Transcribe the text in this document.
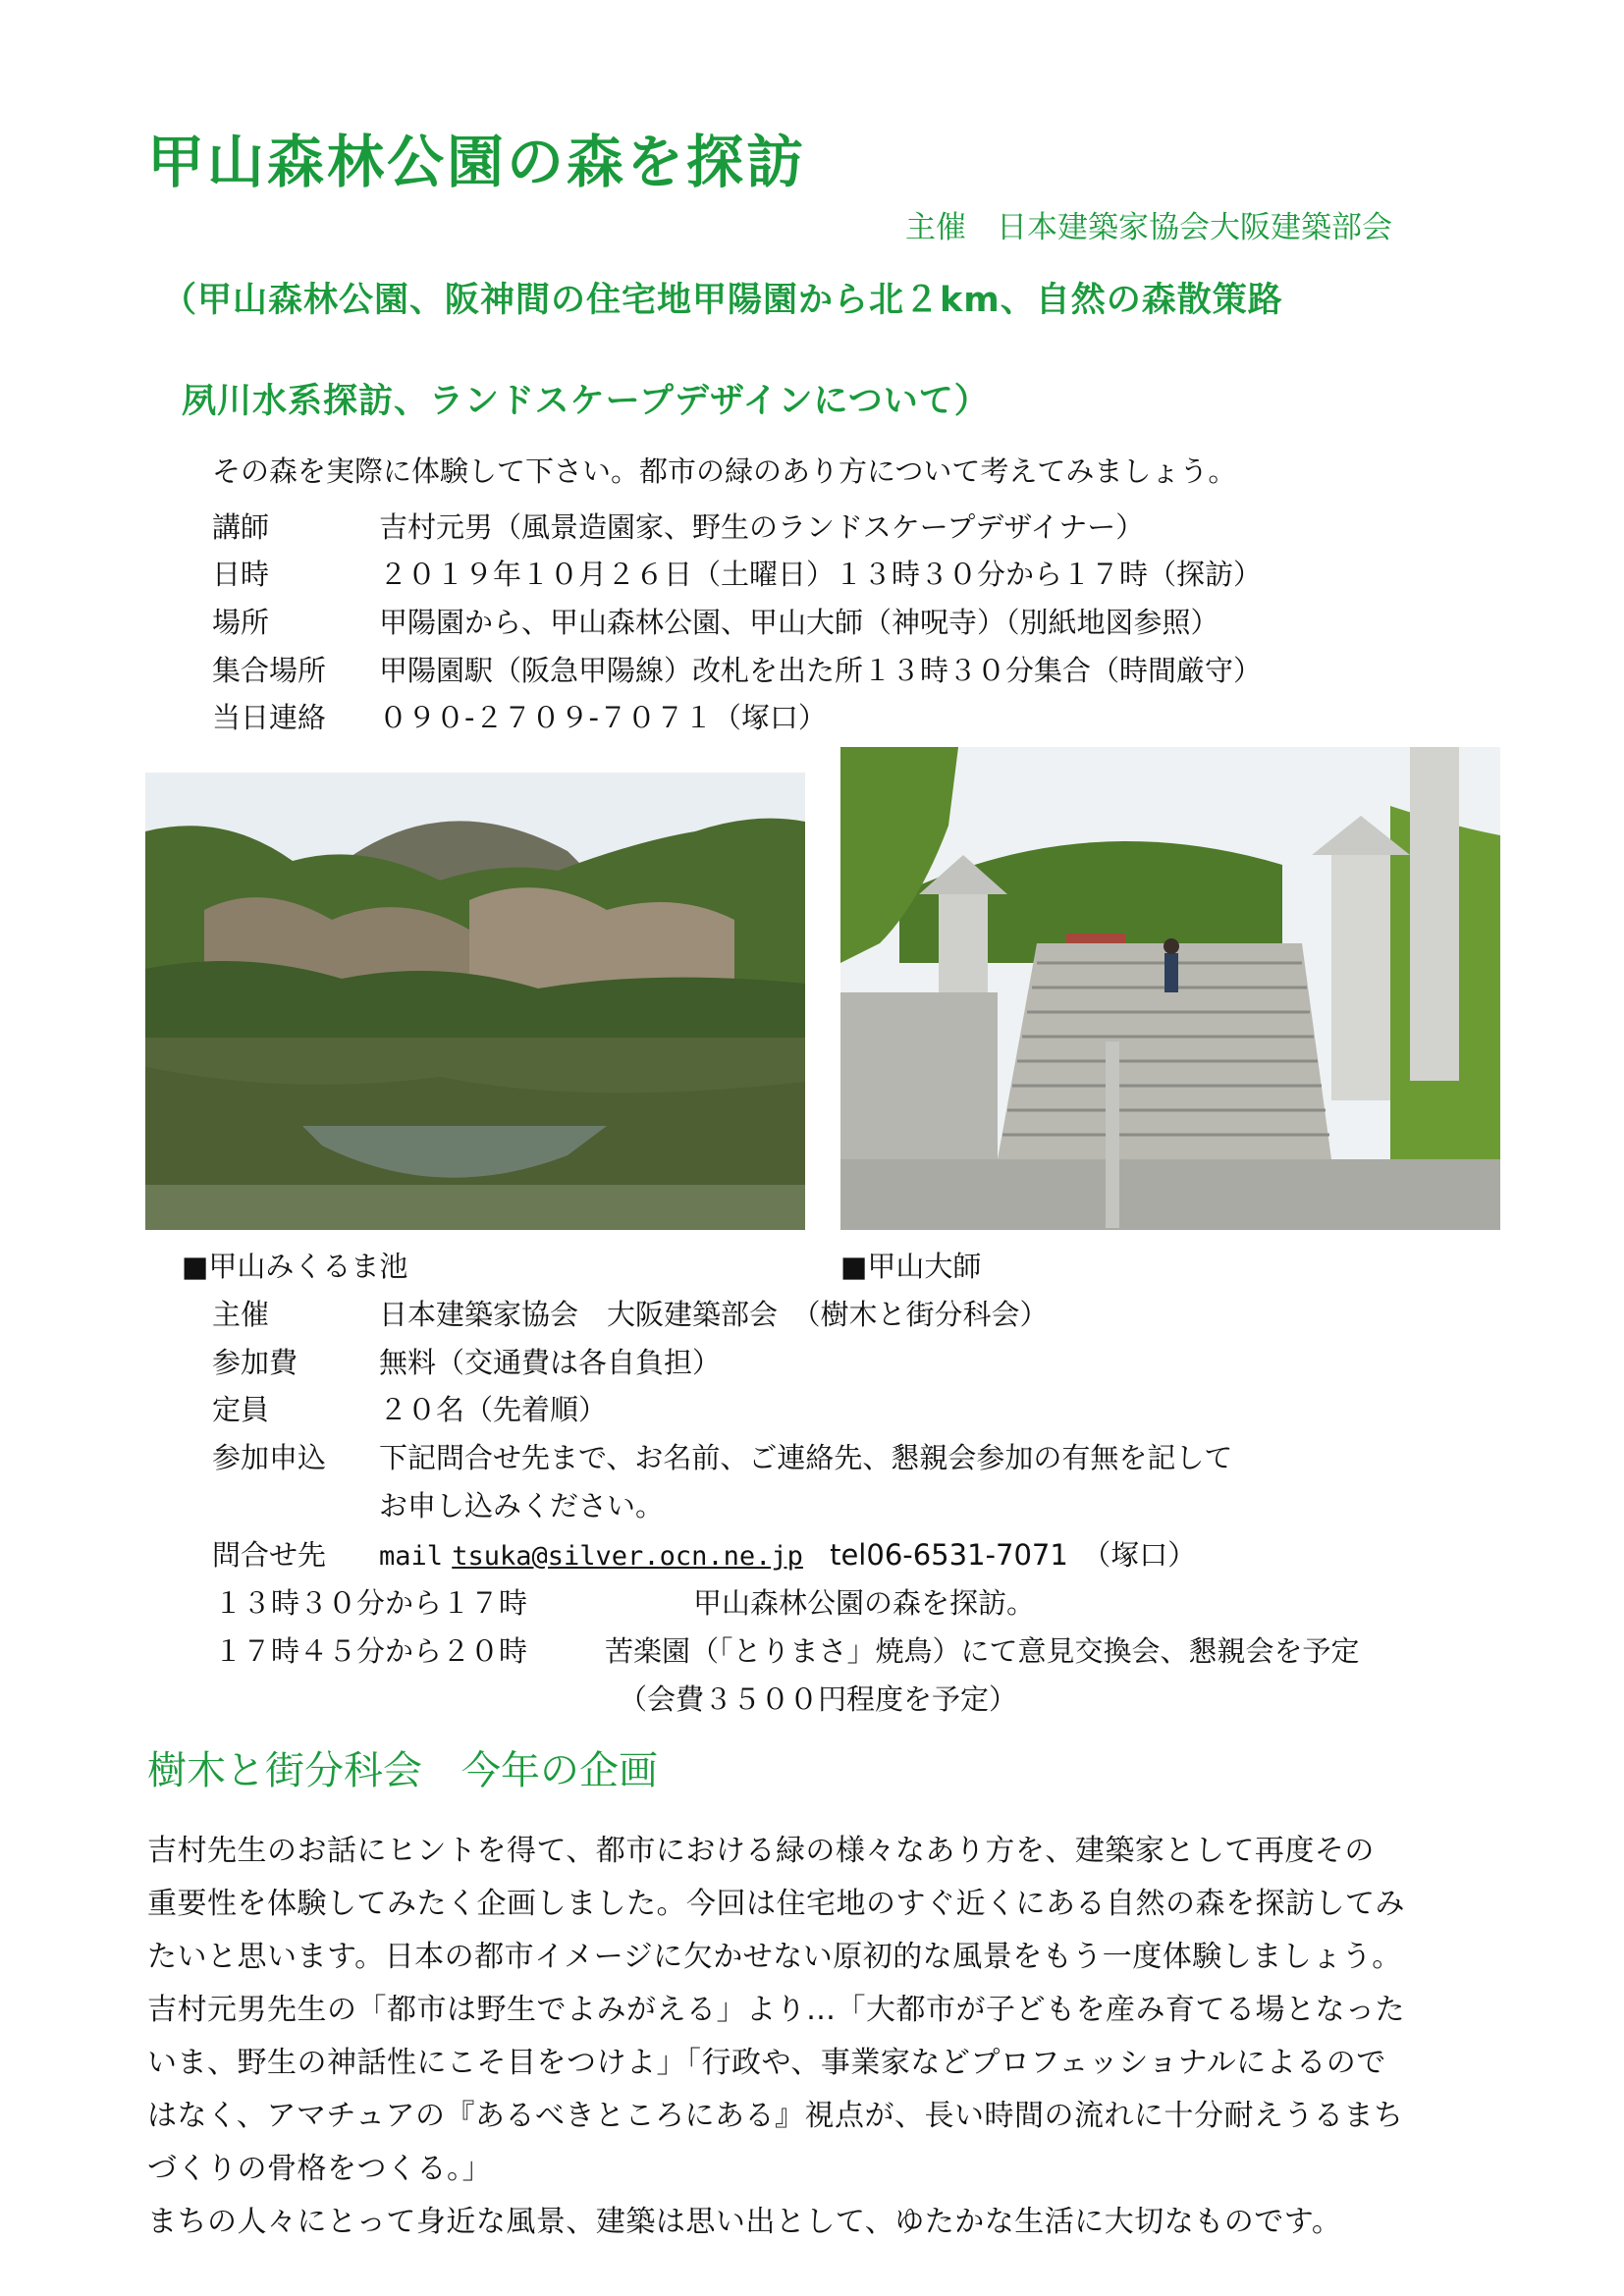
甲山森林公園の森を探訪
主催　日本建築家協会大阪建築部会
（甲山森林公園、阪神間の住宅地甲陽園から北２km、自然の森散策路
夙川水系探訪、ランドスケープデザインについて）
その森を実際に体験して下さい。都市の緑のあり方について考えてみましょう。
講師	吉村元男（風景造園家、野生のランドスケープデザイナー）
日時	２０１９年１０月２６日（土曜日）１３時３０分から１７時（探訪）
場所	甲陽園から、甲山森林公園、甲山大師（神呪寺）（別紙地図参照）
集合場所 甲陽園駅（阪急甲陽線）改札を出た所１３時３０分集合（時間厳守）
当日連絡 ０９０-２７０９-７０７１（塚口）
■甲山みくるま池	■甲山大師
主催	日本建築家協会　大阪建築部会　（樹木と街分科会）
参加費	無料（交通費は各自負担）
定員	２０名（先着順）
参加申込 下記問合せ先まで、お名前、ご連絡先、懇親会参加の有無を記して
お申し込みください。
問合せ先 mail tsuka@silver.ocn.ne.jp tel06-6531-7071　（塚口）
１３時３０分から１７時	甲山森林公園の森を探訪。
１７時４５分から２０時	苦楽園（「とりまさ」焼鳥）にて意見交換会、懇親会を予定
（会費３５００円程度を予定）
樹木と街分科会　今年の企画
吉村先生のお話にヒントを得て、都市における緑の様々なあり方を、建築家として再度その
重要性を体験してみたく企画しました。今回は住宅地のすぐ近くにある自然の森を探訪してみ
たいと思います。日本の都市イメージに欠かせない原初的な風景をもう一度体験しましょう。
吉村元男先生の「都市は野生でよみがえる」より…「大都市が子どもを産み育てる場となった
いま、野生の神話性にこそ目をつけよ」「行政や、事業家などプロフェッショナルによるので
はなく、アマチュアの『あるべきところにある』視点が、長い時間の流れに十分耐えうるまち
づくりの骨格をつくる。」
まちの人々にとって身近な風景、建築は思い出として、ゆたかな生活に大切なものです。
